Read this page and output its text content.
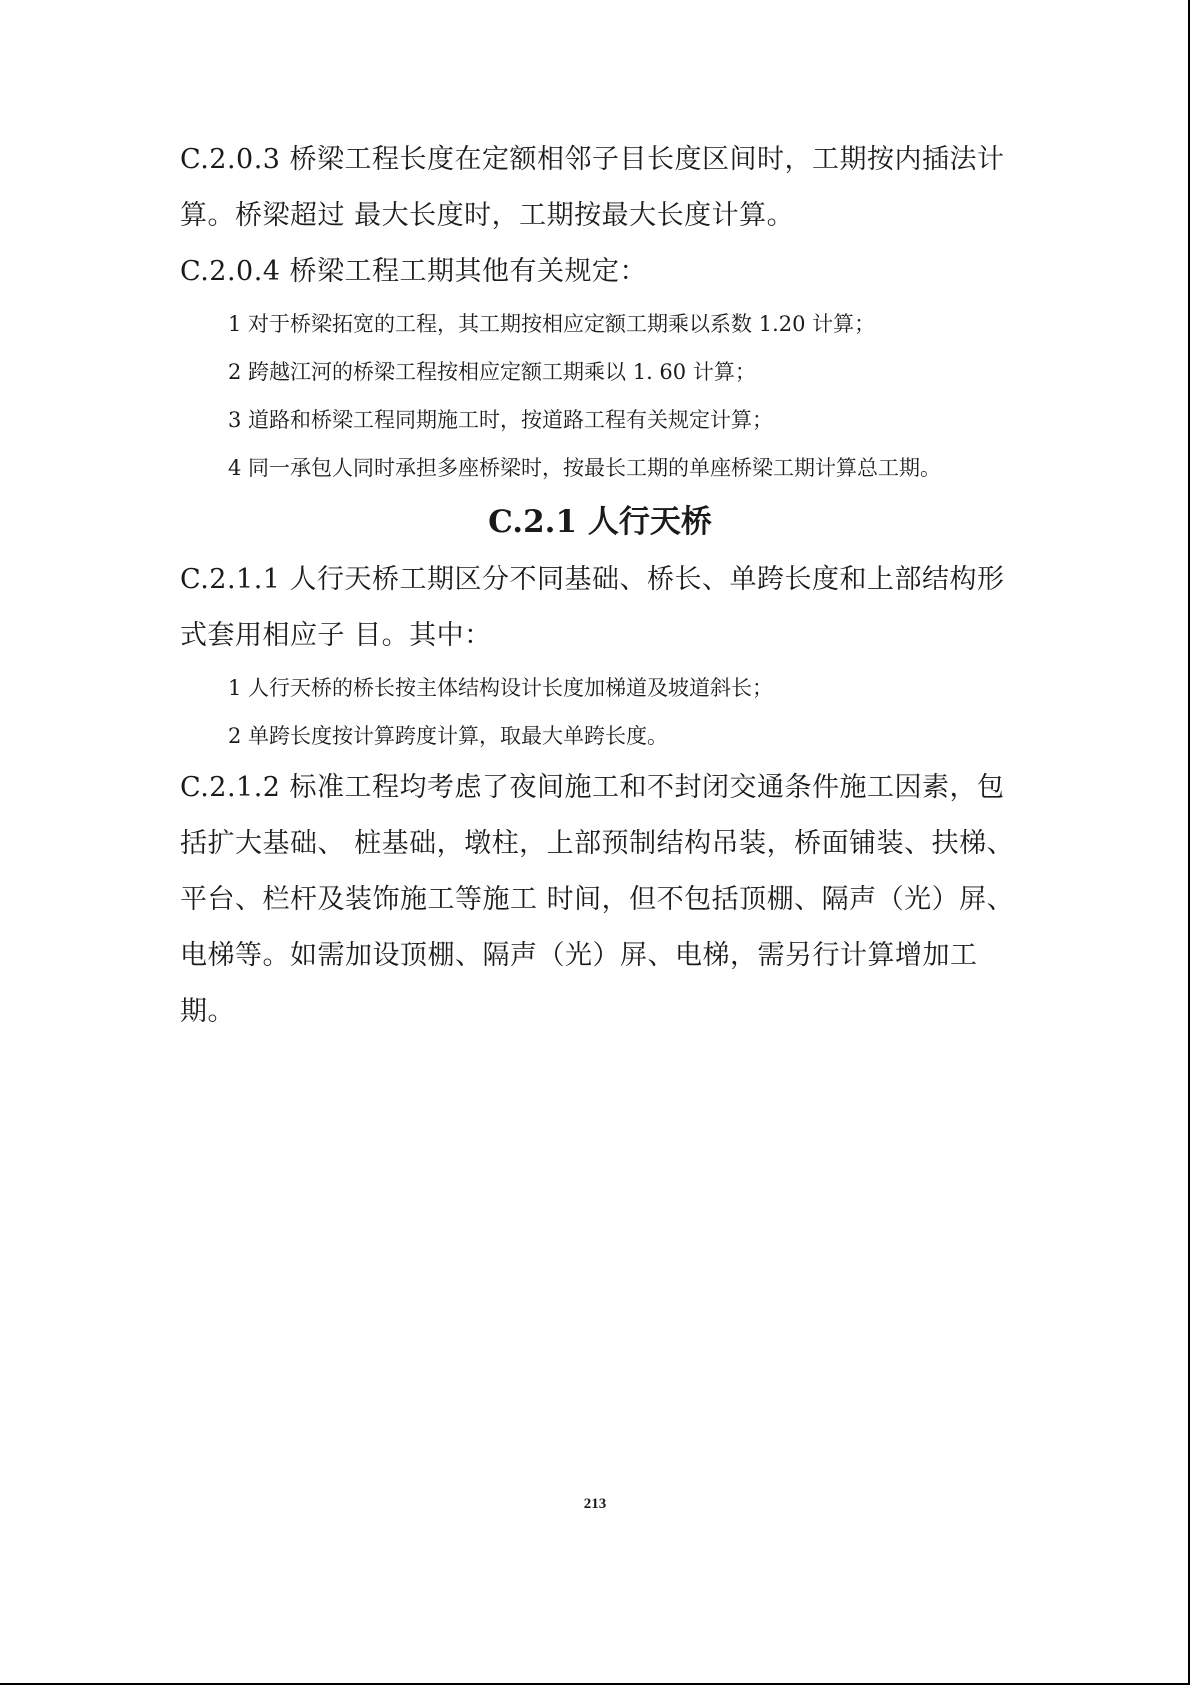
C.2.0.3 桥梁工程长度在定额相邻子目长度区间时，工期按内插法计算。桥梁超过 最大长度时，工期按最大长度计算。

C.2.0.4 桥梁工程工期其他有关规定：

1 对于桥梁拓宽的工程，其工期按相应定额工期乘以系数 1.20 计算；

2 跨越江河的桥梁工程按相应定额工期乘以 1. 60 计算；

3 道路和桥梁工程同期施工时，按道路工程有关规定计算；

4 同一承包人同时承担多座桥梁时，按最长工期的单座桥梁工期计算总工期。

C.2.1 人行天桥

C.2.1.1 人行天桥工期区分不同基础、桥长、单跨长度和上部结构形式套用相应子 目。其中：

1 人行天桥的桥长按主体结构设计长度加梯道及坡道斜长；

2 单跨长度按计算跨度计算，取最大单跨长度。

C.2.1.2 标准工程均考虑了夜间施工和不封闭交通条件施工因素，包括扩大基础、 桩基础，墩柱，上部预制结构吊装，桥面铺装、扶梯、平台、栏杆及装饰施工等施工 时间，但不包括顶棚、隔声（光）屏、电梯等。如需加设顶棚、隔声（光）屏、电梯，需另行计算增加工期。

213
